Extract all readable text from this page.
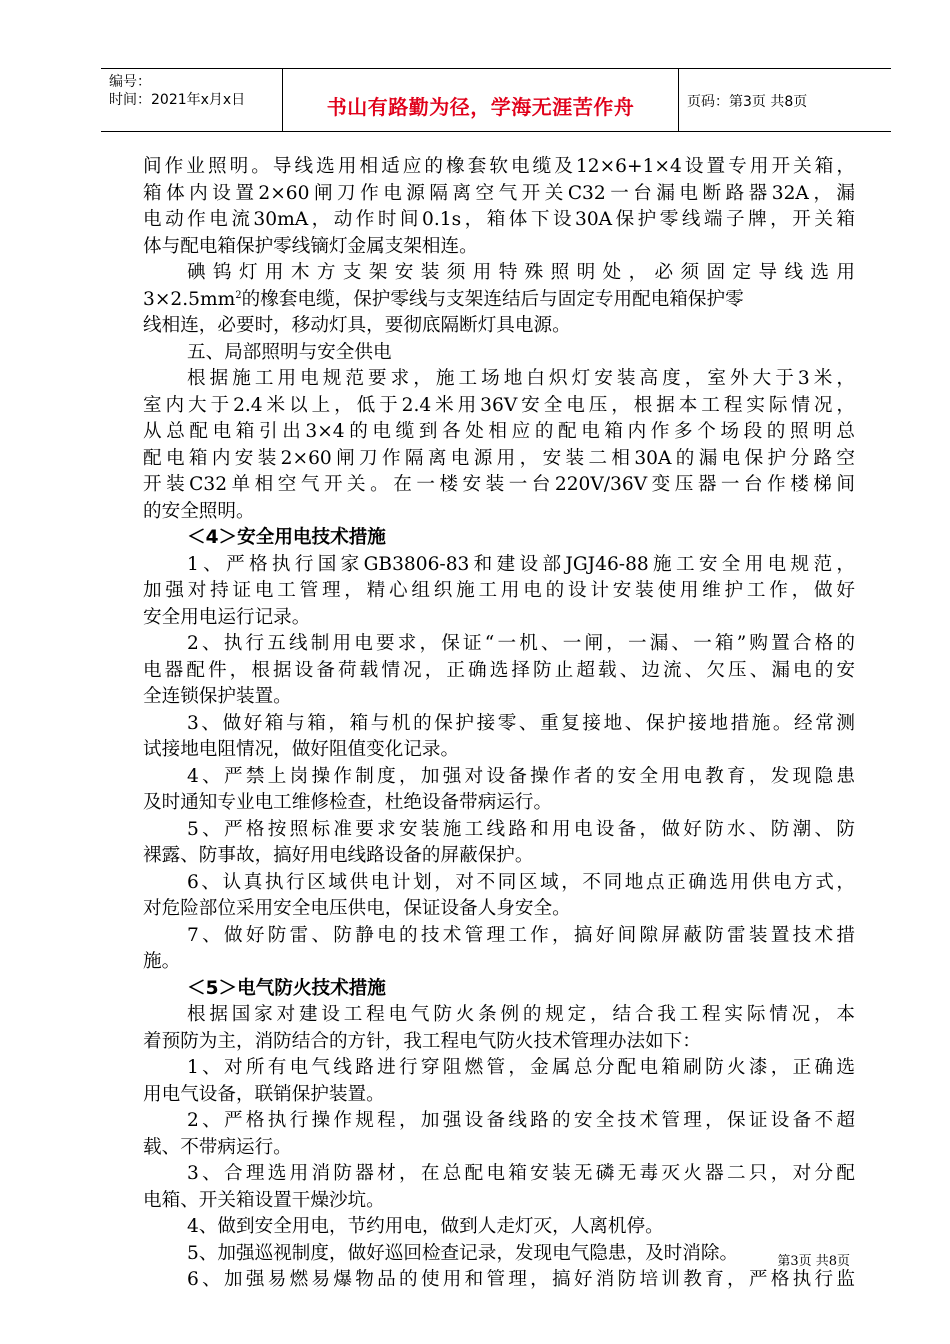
编号：
时间：2021年x月x日	书山有路勤为径，学海无涯苦作舟	页码：第3页 共8页
间作业照明。导线选用相适应的橡套软电缆及12×6+1×4设置专用开关箱，
箱体内设置2×60闸刀作电源隔离空气开关C32一台漏电断路器32A，漏
电动作电流30mA，动作时间0.1s，箱体下设30A保护零线端子牌，开关箱
体与配电箱保护零线镝灯金属支架相连。
碘钨灯用木方支架安装须用特殊照明处，必须固定导线选用
$3\times 2.5mm^2$的橡套电缆，保护零线与支架连结后与固定专用配电箱保护零
线相连，必要时，移动灯具，要彻底隔断灯具电源。
五、局部照明与安全供电
根据施工用电规范要求，施工场地白炽灯安装高度，室外大于3米，
室内大于2.4米以上，低于2.4米用36V安全电压，根据本工程实际情况，
从总配电箱引出3×4的电缆到各处相应的配电箱内作多个场段的照明总
配电箱内安装2×60闸刀作隔离电源用，安装二相30A的漏电保护分路空
开装C32单相空气开关。在一楼安装一台220V/36V变压器一台作楼梯间
的安全照明。
＜4＞安全用电技术措施
1、严格执行国家GB3806-83和建设部JGJ46-88施工安全用电规范，
加强对持证电工管理，精心组织施工用电的设计安装使用维护工作，做好
安全用电运行记录。
2、执行五线制用电要求，保证“一机、一闸，一漏、一箱”购置合格的
电器配件，根据设备荷载情况，正确选择防止超载、边流、欠压、漏电的安
全连锁保护装置。
3、做好箱与箱，箱与机的保护接零、重复接地、保护接地措施。经常测
试接地电阻情况，做好阻值变化记录。
4、严禁上岗操作制度，加强对设备操作者的安全用电教育，发现隐患
及时通知专业电工维修检查，杜绝设备带病运行。
5、严格按照标准要求安装施工线路和用电设备，做好防水、防潮、防
裸露、防事故，搞好用电线路设备的屏蔽保护。
6、认真执行区域供电计划，对不同区域，不同地点正确选用供电方式，
对危险部位采用安全电压供电，保证设备人身安全。
7、做好防雷、防静电的技术管理工作，搞好间隙屏蔽防雷装置技术措
施。
＜5＞电气防火技术措施
根据国家对建设工程电气防火条例的规定，结合我工程实际情况，本
着预防为主，消防结合的方针，我工程电气防火技术管理办法如下：
1、对所有电气线路进行穿阻燃管，金属总分配电箱刷防火漆，正确选
用电气设备，联销保护装置。
2、严格执行操作规程，加强设备线路的安全技术管理，保证设备不超
载、不带病运行。
3、合理选用消防器材，在总配电箱安装无磷无毒灭火器二只，对分配
电箱、开关箱设置干燥沙坑。
4、做到安全用电，节约用电，做到人走灯灭，人离机停。
5、加强巡视制度，做好巡回检查记录，发现电气隐患，及时消除。
6、加强易燃易爆物品的使用和管理，搞好消防培训教育，严格执行监
第3页 共8页
